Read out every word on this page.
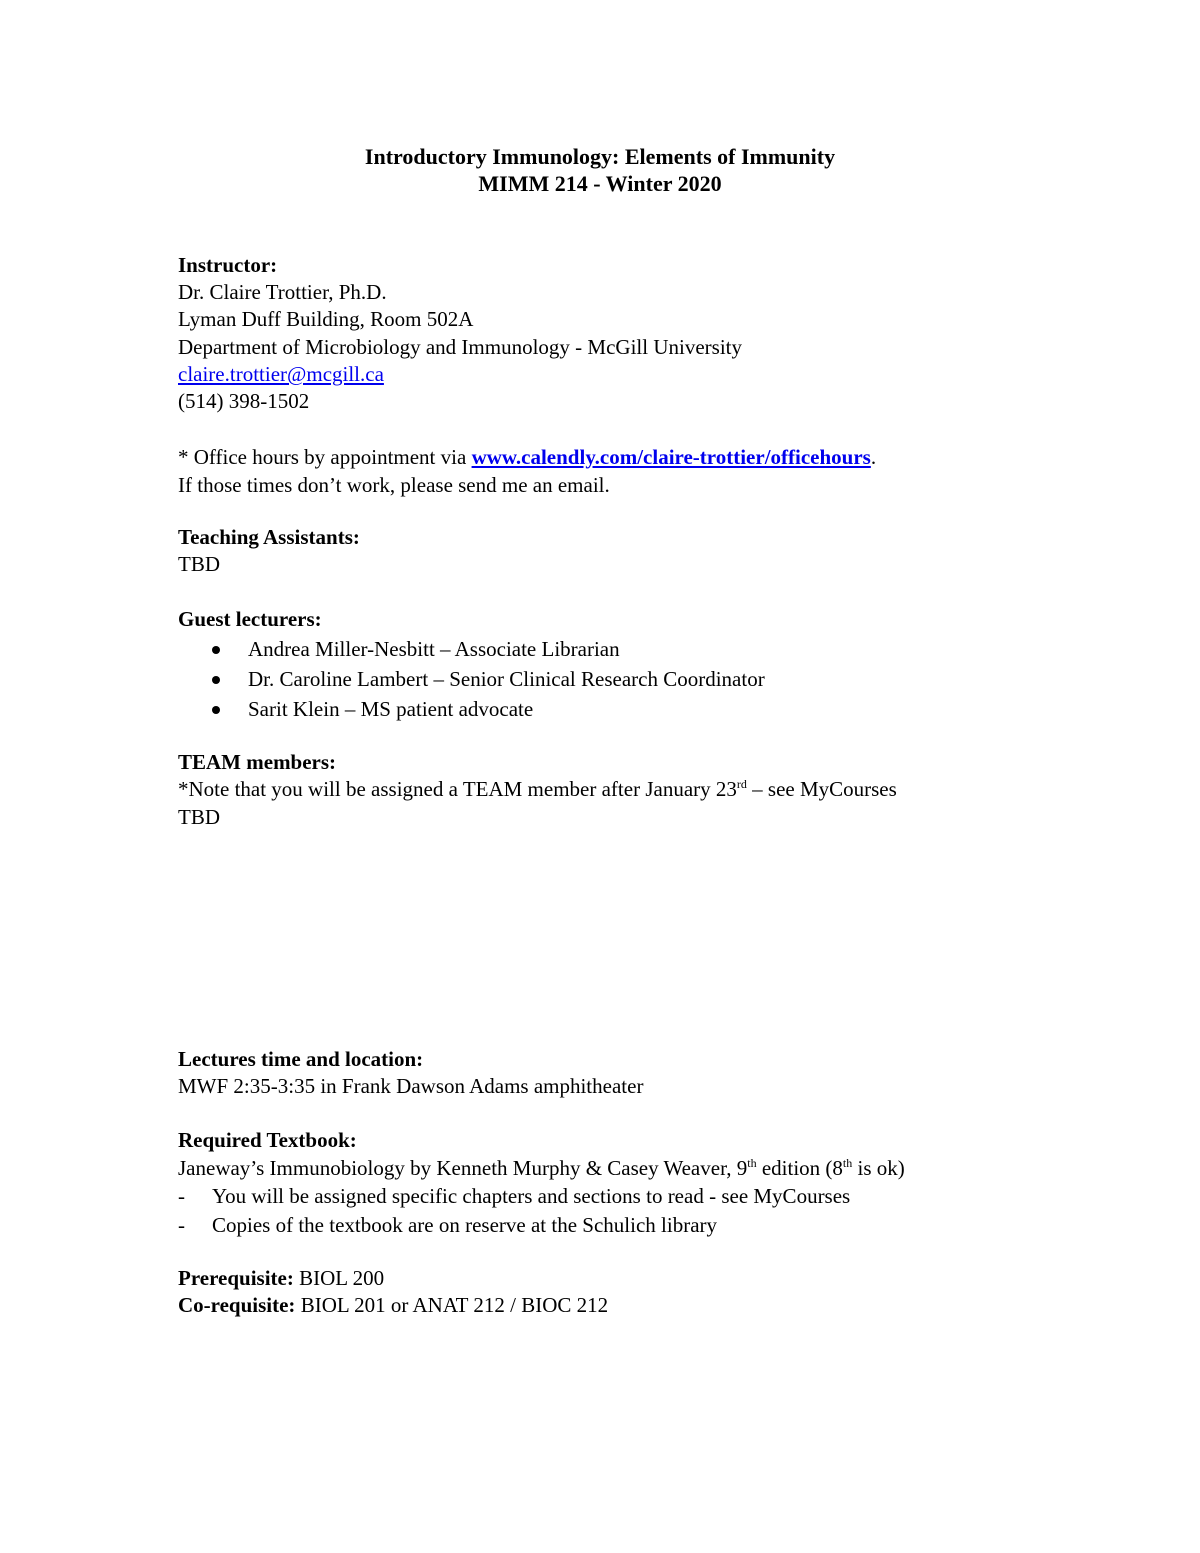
Introductory Immunology: Elements of Immunity
MIMM 214 - Winter 2020
Instructor:
Dr. Claire Trottier, Ph.D.
Lyman Duff Building, Room 502A
Department of Microbiology and Immunology - McGill University
claire.trottier@mcgill.ca
(514) 398-1502
* Office hours by appointment via www.calendly.com/claire-trottier/officehours.
If those times don’t work, please send me an email.
Teaching Assistants:
TBD
Guest lecturers:
Andrea Miller-Nesbitt – Associate Librarian
Dr. Caroline Lambert – Senior Clinical Research Coordinator
Sarit Klein – MS patient advocate
TEAM members:
*Note that you will be assigned a TEAM member after January 23rd – see MyCourses
TBD
Lectures time and location:
MWF 2:35-3:35 in Frank Dawson Adams amphitheater
Required Textbook:
Janeway’s Immunobiology by Kenneth Murphy & Casey Weaver, 9th edition (8th is ok)
- You will be assigned specific chapters and sections to read - see MyCourses
- Copies of the textbook are on reserve at the Schulich library
Prerequisite: BIOL 200
Co-requisite: BIOL 201 or ANAT 212 / BIOC 212
